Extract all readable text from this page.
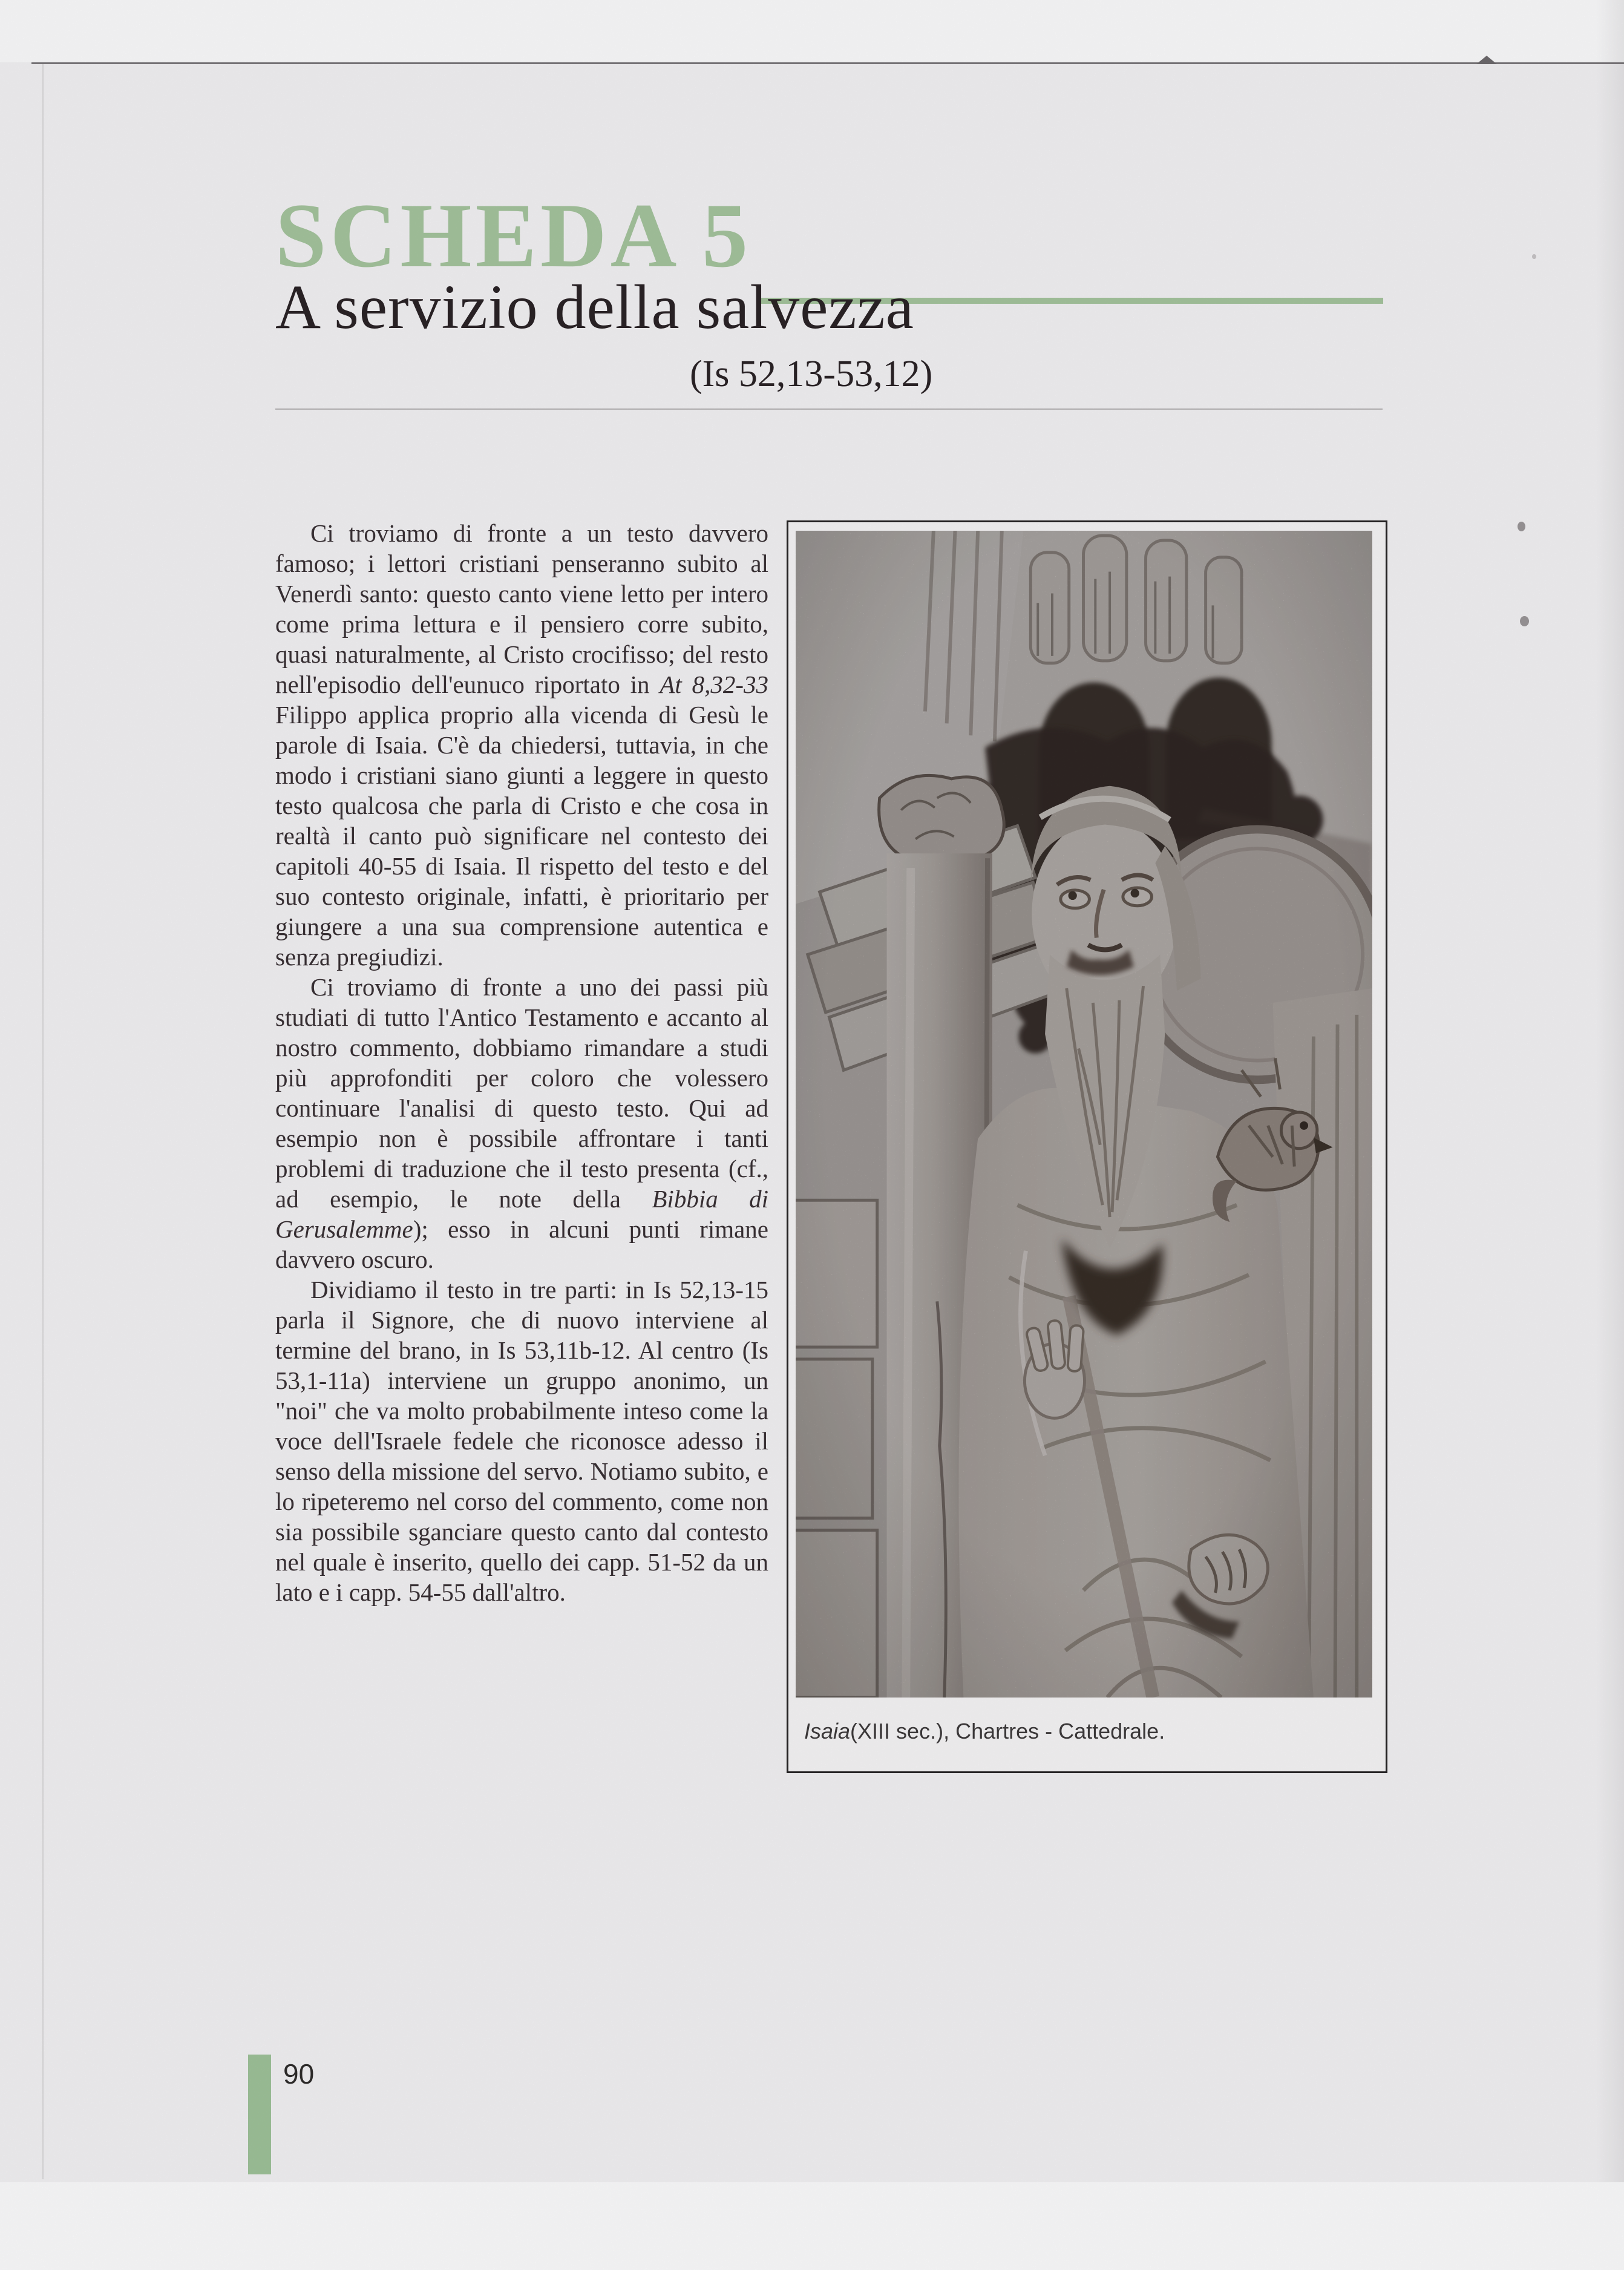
SCHEDA 5
A servizio della salvezza
(Is 52,13-53,12)
Isaia (XIII sec.), Chartres - Cattedrale.

Ci troviamo di fronte a un testo davvero famoso; i lettori cristiani penseranno subito al Venerdì santo: questo canto viene letto per intero come prima lettura e il pensiero corre subito, quasi naturalmente, al Cristo crocifisso; del resto nell'episodio dell'eunuco riportato in At 8,32-33 Filippo applica proprio alla vicenda di Gesù le parole di Isaia. C'è da chiedersi, tuttavia, in che modo i cristiani siano giunti a leggere in questo testo qualcosa che parla di Cristo e che cosa in realtà il canto può significare nel contesto dei capitoli 40-55 di Isaia. Il rispetto del testo e del suo contesto originale, infatti, è prioritario per giungere a una sua comprensione autentica e senza pregiudizi.

Ci troviamo di fronte a uno dei passi più studiati di tutto l'Antico Testamento e accanto al nostro commento, dobbiamo rimandare a studi più approfonditi per coloro che volessero continuare l'analisi di questo testo. Qui ad esempio non è possibile affrontare i tanti problemi di traduzione che il testo presenta (cf., ad esempio, le note della Bibbia di Gerusalemme); esso in alcuni punti rimane davvero oscuro.

Dividiamo il testo in tre parti: in Is 52,13-15 parla il Signore, che di nuovo interviene al termine del brano, in Is 53,11b-12. Al centro (Is 53,1-11a) interviene un gruppo anonimo, un "noi" che va molto probabilmente inteso come la voce dell'Israele fedele che riconosce adesso il senso della missione del servo. Notiamo subito, e lo ripeteremo nel corso del commento, come non sia possibile sganciare questo canto dal contesto nel quale è inserito, quello dei capp. 51-52 da un lato e i capp. 54-55 dall'altro.

90
